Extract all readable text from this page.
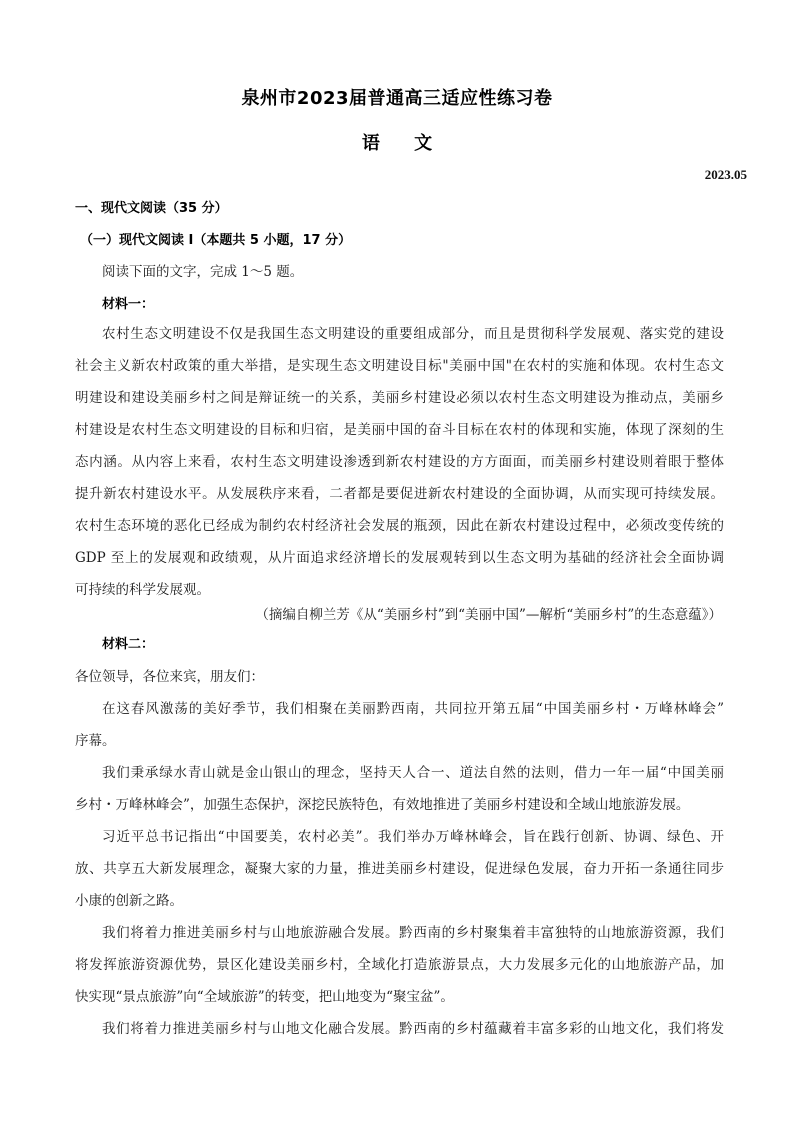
泉州市2023届普通高三适应性练习卷
语 文
2023.05
一、现代文阅读（35 分）
（一）现代文阅读 I（本题共 5 小题，17 分）
阅读下面的文字，完成 1～5 题。
材料一：
农村生态文明建设不仅是我国生态文明建设的重要组成部分，而且是贯彻科学发展观、落实党的建设
社会主义新农村政策的重大举措，是实现生态文明建设目标"美丽中国"在农村的实施和体现。农村生态文
明建设和建设美丽乡村之间是辩证统一的关系，美丽乡村建设必须以农村生态文明建设为推动点，美丽乡
村建设是农村生态文明建设的目标和归宿，是美丽中国的奋斗目标在农村的体现和实施，体现了深刻的生
态内涵。从内容上来看，农村生态文明建设渗透到新农村建设的方方面面，而美丽乡村建设则着眼于整体
提升新农村建设水平。从发展秩序来看，二者都是要促进新农村建设的全面协调，从而实现可持续发展。
农村生态环境的恶化已经成为制约农村经济社会发展的瓶颈，因此在新农村建设过程中，必须改变传统的
GDP 至上的发展观和政绩观，从片面追求经济增长的发展观转到以生态文明为基础的经济社会全面协调
可持续的科学发展观。
（摘编自柳兰芳《从“美丽乡村”到“美丽中国”—解析“美丽乡村”的生态意蕴》）
材料二：
各位领导，各位来宾，朋友们：
在这春风激荡的美好季节，我们相聚在美丽黔西南，共同拉开第五届“中国美丽乡村・万峰林峰会”
序幕。
我们秉承绿水青山就是金山银山的理念，坚持天人合一、道法自然的法则，借力一年一届“中国美丽
乡村・万峰林峰会”，加强生态保护，深挖民族特色，有效地推进了美丽乡村建设和全域山地旅游发展。
习近平总书记指出“中国要美，农村必美”。我们举办万峰林峰会，旨在践行创新、协调、绿色、开
放、共享五大新发展理念，凝聚大家的力量，推进美丽乡村建设，促进绿色发展，奋力开拓一条通往同步
小康的创新之路。
我们将着力推进美丽乡村与山地旅游融合发展。黔西南的乡村聚集着丰富独特的山地旅游资源，我们
将发挥旅游资源优势，景区化建设美丽乡村，全域化打造旅游景点，大力发展多元化的山地旅游产品，加
快实现“景点旅游”向“全域旅游”的转变，把山地变为“聚宝盆”。
我们将着力推进美丽乡村与山地文化融合发展。黔西南的乡村蕴藏着丰富多彩的山地文化，我们将发
